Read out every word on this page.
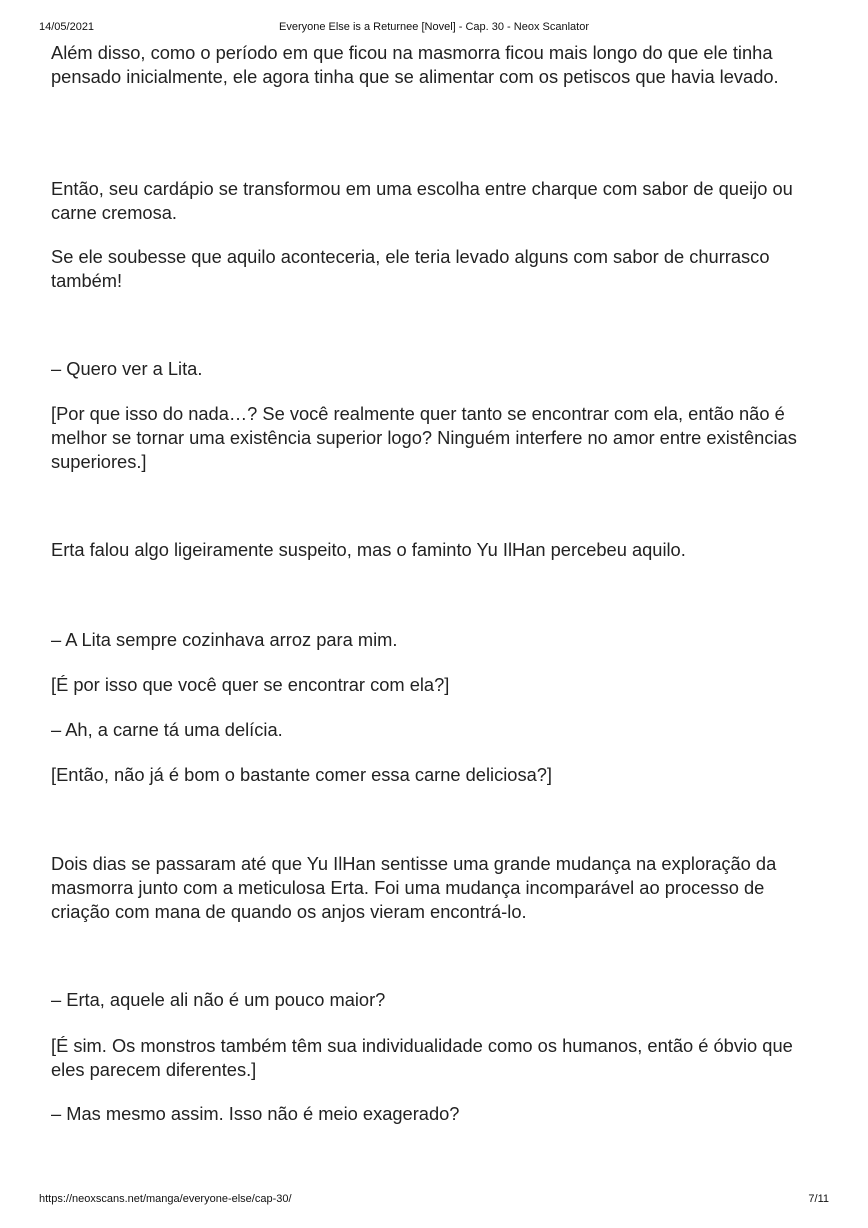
14/05/2021	Everyone Else is a Returnee [Novel] - Cap. 30 - Neox Scanlator

Além disso, como o período em que ficou na masmorra ficou mais longo do que ele tinha pensado inicialmente, ele agora tinha que se alimentar com os petiscos que havia levado.

Então, seu cardápio se transformou em uma escolha entre charque com sabor de queijo ou carne cremosa.

Se ele soubesse que aquilo aconteceria, ele teria levado alguns com sabor de churrasco também!

– Quero ver a Lita.

[Por que isso do nada…? Se você realmente quer tanto se encontrar com ela, então não é melhor se tornar uma existência superior logo? Ninguém interfere no amor entre existências superiores.]

Erta falou algo ligeiramente suspeito, mas o faminto Yu IlHan percebeu aquilo.

– A Lita sempre cozinhava arroz para mim.

[É por isso que você quer se encontrar com ela?]

– Ah, a carne tá uma delícia.

[Então, não já é bom o bastante comer essa carne deliciosa?]

Dois dias se passaram até que Yu IlHan sentisse uma grande mudança na exploração da masmorra junto com a meticulosa Erta. Foi uma mudança incomparável ao processo de criação com mana de quando os anjos vieram encontrá-lo.

– Erta, aquele ali não é um pouco maior?

[É sim. Os monstros também têm sua individualidade como os humanos, então é óbvio que eles parecem diferentes.]

– Mas mesmo assim. Isso não é meio exagerado?

https://neoxscans.net/manga/everyone-else/cap-30/	7/11
